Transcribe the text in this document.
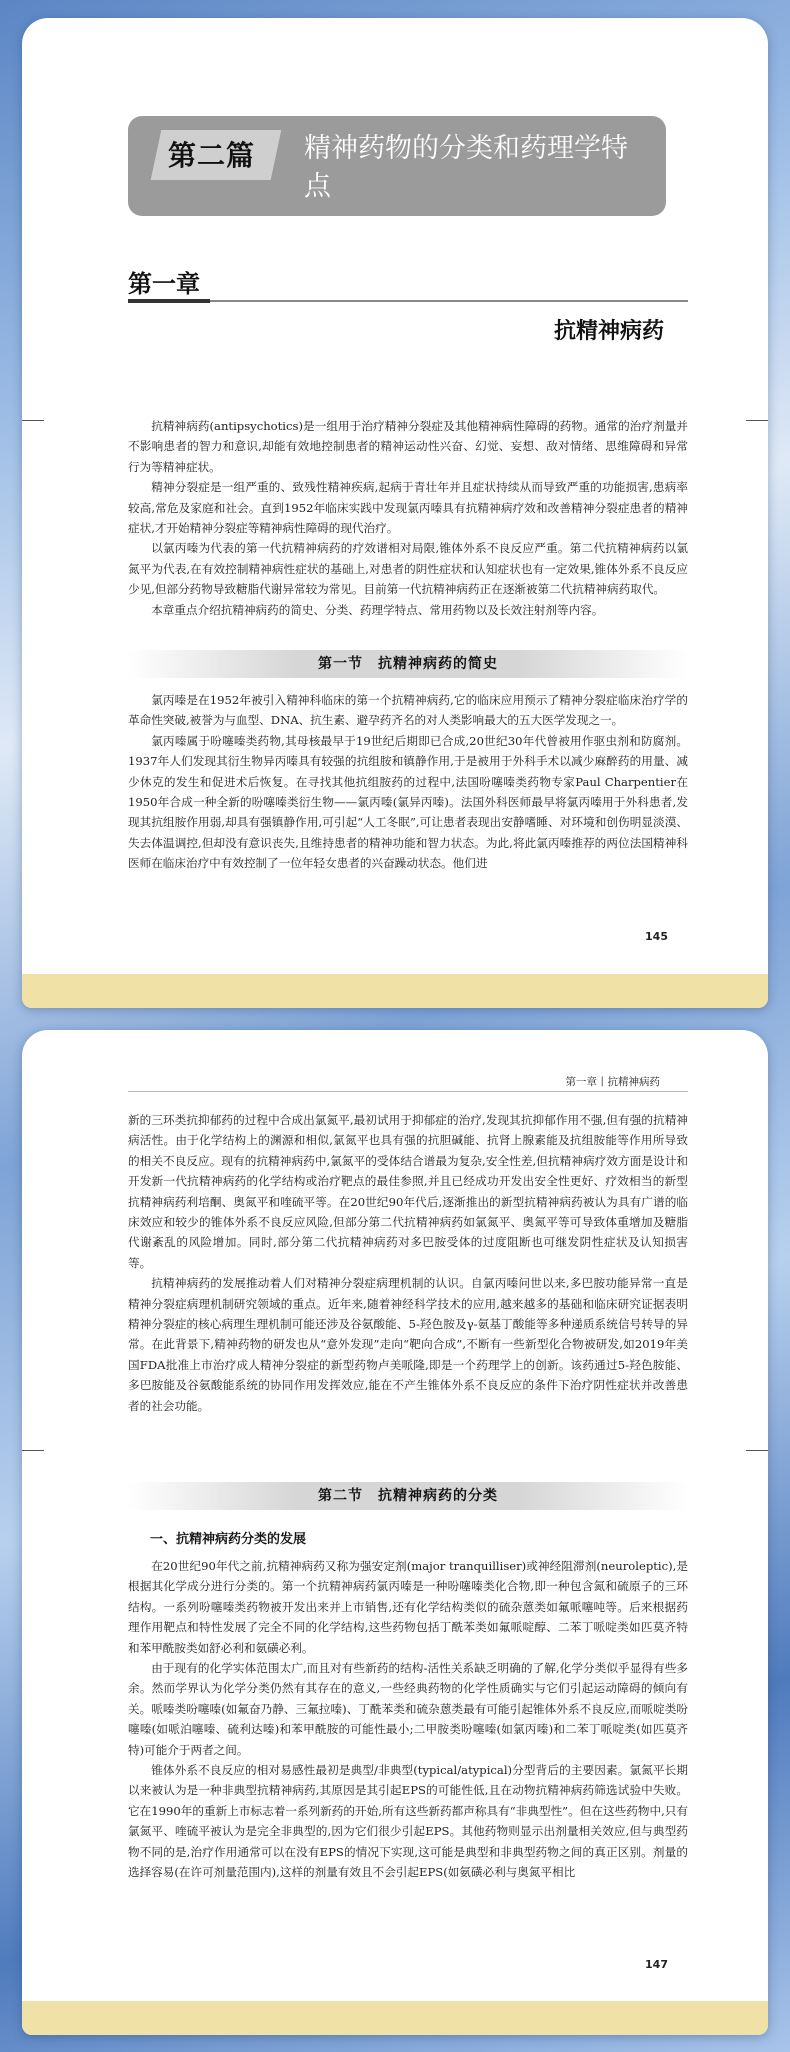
第二篇	精神药物的分类和药理学特点
第一章
抗精神病药

抗精神病药(antipsychotics)是一组用于治疗精神分裂症及其他精神病性障碍的药物。通常的治疗剂量并不影响患者的智力和意识,却能有效地控制患者的精神运动性兴奋、幻觉、妄想、敌对情绪、思维障碍和异常行为等精神症状。

精神分裂症是一组严重的、致残性精神疾病,起病于青壮年并且症状持续从而导致严重的功能损害,患病率较高,常危及家庭和社会。直到1952年临床实践中发现氯丙嗪具有抗精神病疗效和改善精神分裂症患者的精神症状,才开始精神分裂症等精神病性障碍的现代治疗。

以氯丙嗪为代表的第一代抗精神病药的疗效谱相对局限,锥体外系不良反应严重。第二代抗精神病药以氯氮平为代表,在有效控制精神病性症状的基础上,对患者的阴性症状和认知症状也有一定效果,锥体外系不良反应少见,但部分药物导致糖脂代谢异常较为常见。目前第一代抗精神病药正在逐渐被第二代抗精神病药取代。

本章重点介绍抗精神病药的简史、分类、药理学特点、常用药物以及长效注射剂等内容。

第一节　抗精神病药的简史

氯丙嗪是在1952年被引入精神科临床的第一个抗精神病药,它的临床应用预示了精神分裂症临床治疗学的革命性突破,被誉为与血型、DNA、抗生素、避孕药齐名的对人类影响最大的五大医学发现之一。

氯丙嗪属于吩噻嗪类药物,其母核最早于19世纪后期即已合成,20世纪30年代曾被用作驱虫剂和防腐剂。1937年人们发现其衍生物异丙嗪具有较强的抗组胺和镇静作用,于是被用于外科手术以减少麻醉药的用量、减少休克的发生和促进术后恢复。在寻找其他抗组胺药的过程中,法国吩噻嗪类药物专家Paul Charpentier在1950年合成一种全新的吩噻嗪类衍生物——氯丙嗪(氯异丙嗪)。法国外科医师最早将氯丙嗪用于外科患者,发现其抗组胺作用弱,却具有强镇静作用,可引起“人工冬眠”,可让患者表现出安静嗜睡、对环境和创伤明显淡漠、失去体温调控,但却没有意识丧失,且维持患者的精神功能和智力状态。为此,将此氯丙嗪推荐的两位法国精神科医师在临床治疗中有效控制了一位年轻女患者的兴奋躁动状态。他们进

145
第一章丨抗精神病药

新的三环类抗抑郁药的过程中合成出氯氮平,最初试用于抑郁症的治疗,发现其抗抑郁作用不强,但有强的抗精神病活性。由于化学结构上的渊源和相似,氯氮平也具有强的抗胆碱能、抗肾上腺素能及抗组胺能等作用所导致的相关不良反应。现有的抗精神病药中,氯氮平的受体结合谱最为复杂,安全性差,但抗精神病疗效方面是设计和开发新一代抗精神病药的化学结构或治疗靶点的最佳参照,并且已经成功开发出安全性更好、疗效相当的新型抗精神病药利培酮、奥氮平和喹硫平等。在20世纪90年代后,逐渐推出的新型抗精神病药被认为具有广谱的临床效应和较少的锥体外系不良反应风险,但部分第二代抗精神病药如氯氮平、奥氮平等可导致体重增加及糖脂代谢紊乱的风险增加。同时,部分第二代抗精神病药对多巴胺受体的过度阻断也可继发阴性症状及认知损害等。

抗精神病药的发展推动着人们对精神分裂症病理机制的认识。自氯丙嗪问世以来,多巴胺功能异常一直是精神分裂症病理机制研究领域的重点。近年来,随着神经科学技术的应用,越来越多的基础和临床研究证据表明精神分裂症的核心病理生理机制可能还涉及谷氨酸能、5-羟色胺及γ-氨基丁酸能等多种递质系统信号转导的异常。在此背景下,精神药物的研发也从“意外发现”走向“靶向合成”,不断有一些新型化合物被研发,如2019年美国FDA批准上市治疗成人精神分裂症的新型药物卢美哌隆,即是一个药理学上的创新。该药通过5-羟色胺能、多巴胺能及谷氨酸能系统的协同作用发挥效应,能在不产生锥体外系不良反应的条件下治疗阴性症状并改善患者的社会功能。

第二节　抗精神病药的分类
一、抗精神病药分类的发展

在20世纪90年代之前,抗精神病药又称为强安定剂(major tranquilliser)或神经阻滞剂(neuroleptic),是根据其化学成分进行分类的。第一个抗精神病药氯丙嗪是一种吩噻嗪类化合物,即一种包含氮和硫原子的三环结构。一系列吩噻嗪类药物被开发出来并上市销售,还有化学结构类似的硫杂蒽类如氟哌噻吨等。后来根据药理作用靶点和特性发展了完全不同的化学结构,这些药物包括丁酰苯类如氟哌啶醇、二苯丁哌啶类如匹莫齐特和苯甲酰胺类如舒必利和氨磺必利。

由于现有的化学实体范围太广,而且对有些新药的结构-活性关系缺乏明确的了解,化学分类似乎显得有些多余。然而学界认为化学分类仍然有其存在的意义,一些经典药物的化学性质确实与它们引起运动障碍的倾向有关。哌嗪类吩噻嗪(如氟奋乃静、三氟拉嗪)、丁酰苯类和硫杂蒽类最有可能引起锥体外系不良反应,而哌啶类吩噻嗪(如哌泊噻嗪、硫利达嗪)和苯甲酰胺的可能性最小;二甲胺类吩噻嗪(如氯丙嗪)和二苯丁哌啶类(如匹莫齐特)可能介于两者之间。

锥体外系不良反应的相对易感性最初是典型/非典型(typical/atypical)分型背后的主要因素。氯氮平长期以来被认为是一种非典型抗精神病药,其原因是其引起EPS的可能性低,且在动物抗精神病药筛选试验中失败。它在1990年的重新上市标志着一系列新药的开始,所有这些新药都声称具有“非典型性”。但在这些药物中,只有氯氮平、喹硫平被认为是完全非典型的,因为它们很少引起EPS。其他药物则显示出剂量相关效应,但与典型药物不同的是,治疗作用通常可以在没有EPS的情况下实现,这可能是典型和非典型药物之间的真正区别。剂量的选择容易(在许可剂量范围内),这样的剂量有效且不会引起EPS(如氨磺必利与奥氮平相比

147
